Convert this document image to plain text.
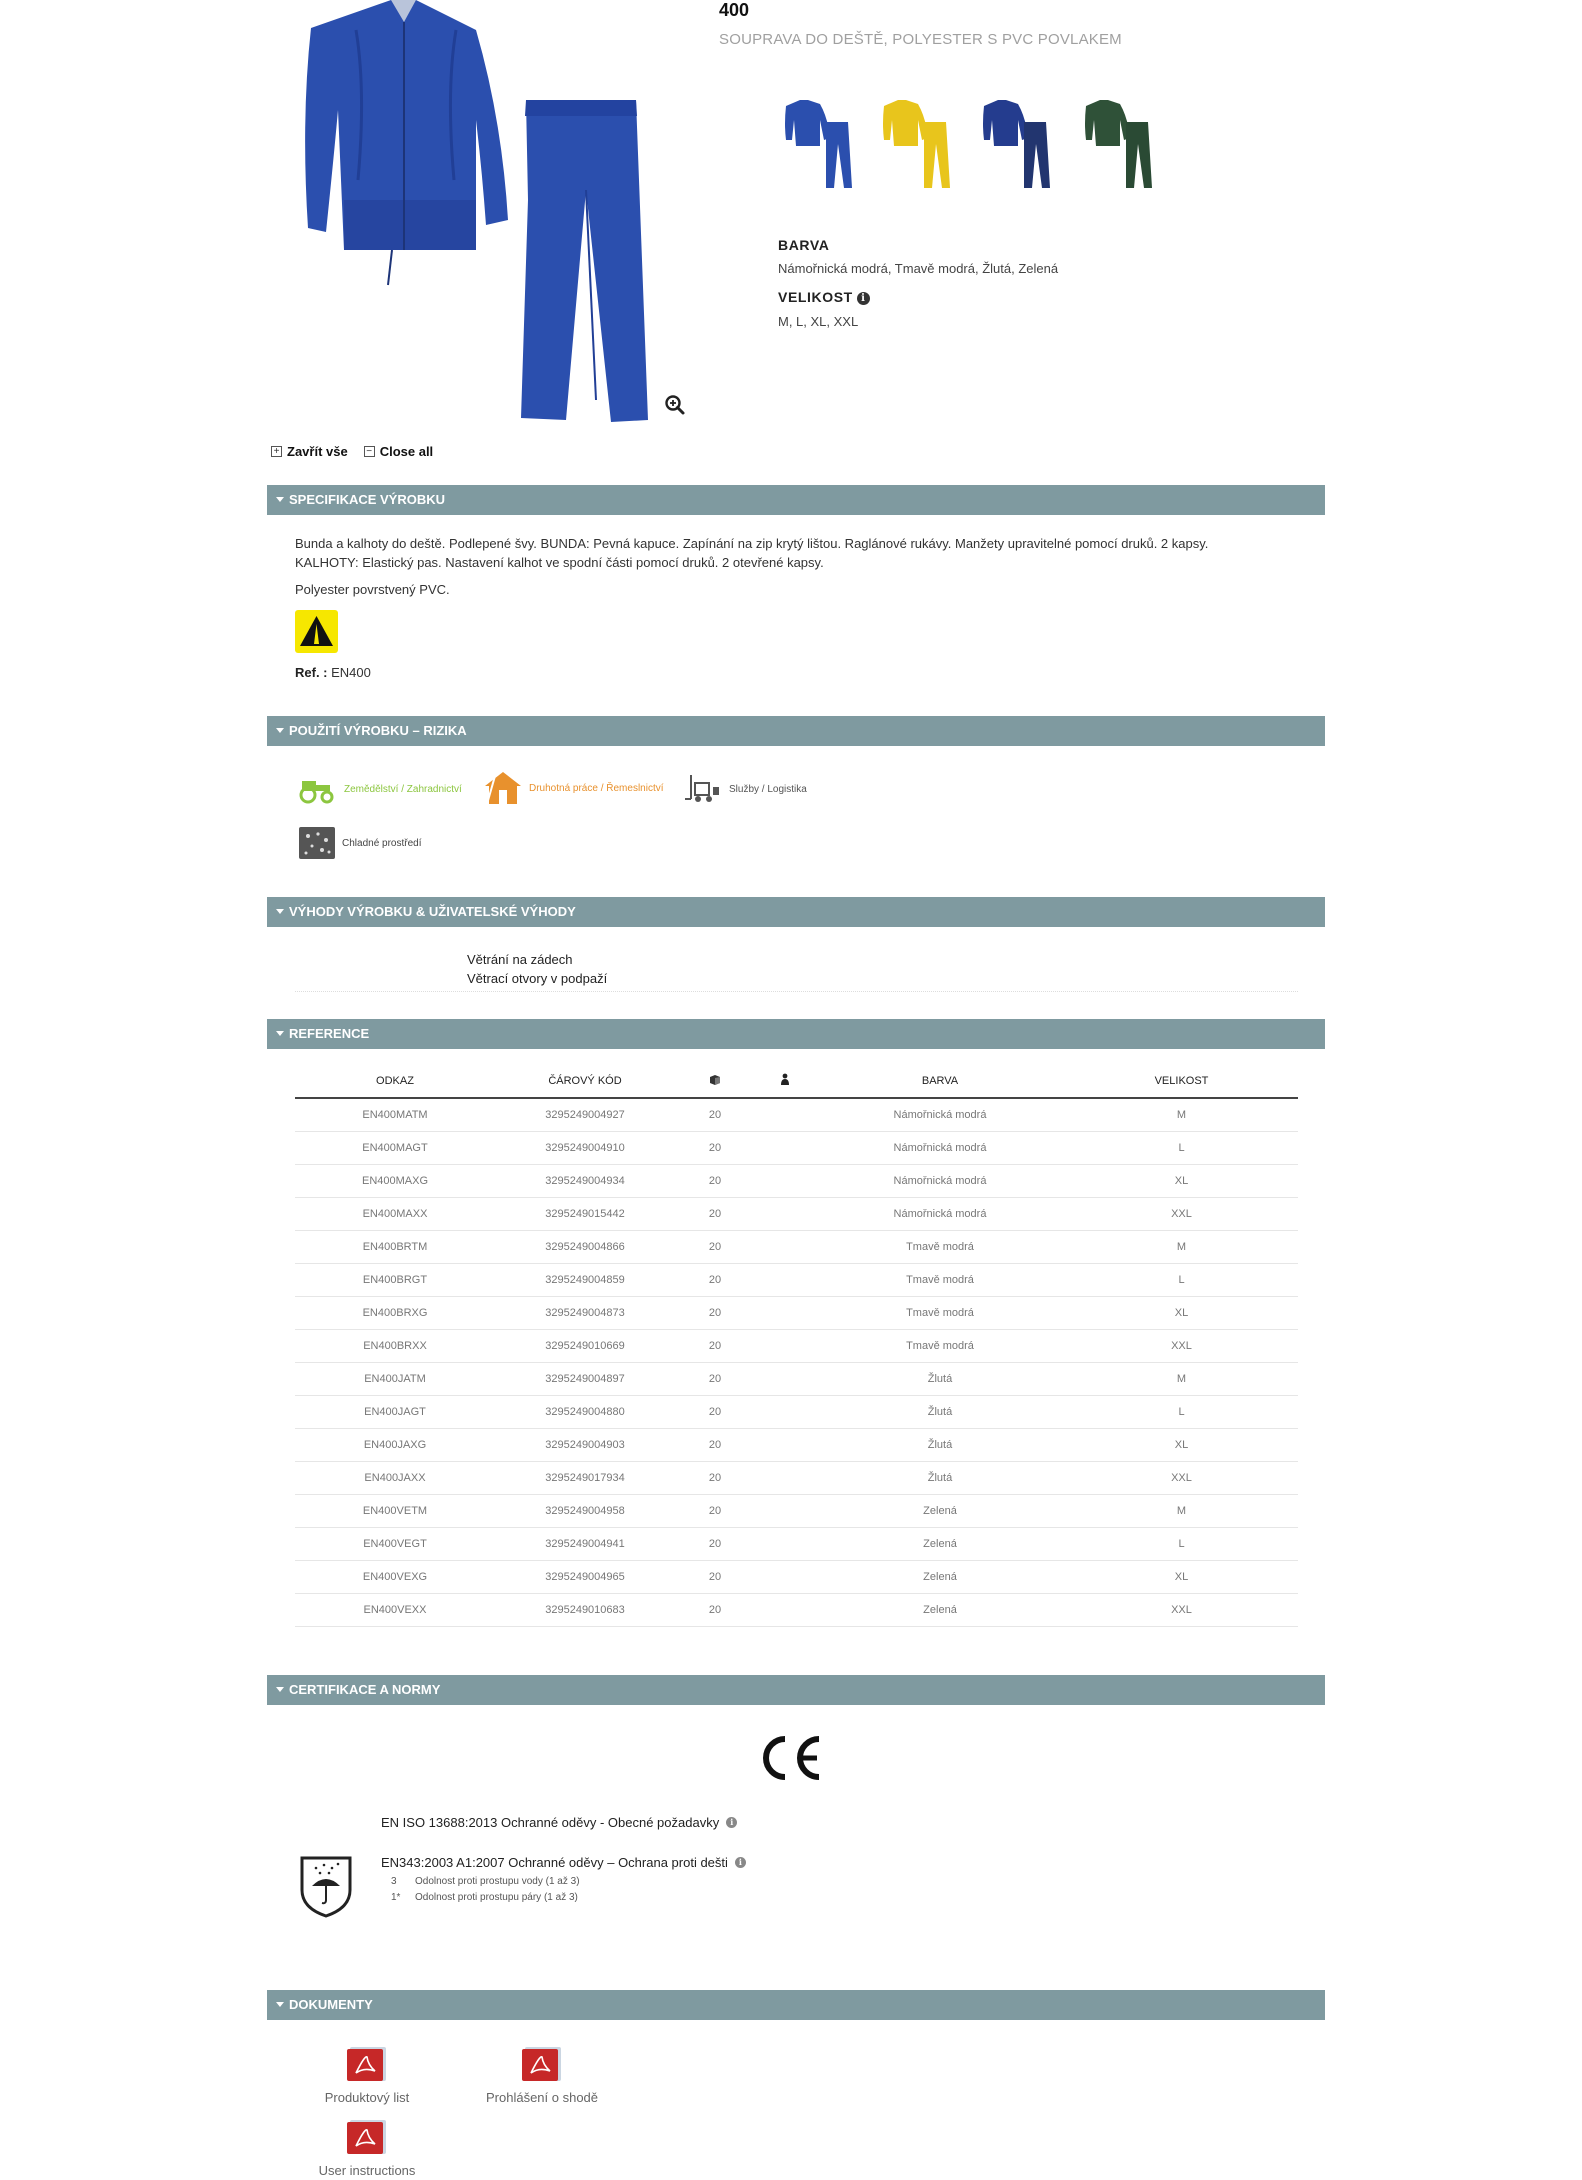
400
SOUPRAVA DO DEŠTĚ, POLYESTER S PVC POVLAKEM
BARVA
Námořnická modrá, Tmavě modrá, Žlutá, Zelená
VELIKOST i
M, L, XL, XXL
+ Zavřít vše − Close all
SPECIFIKACE VÝROBKU
Bunda a kalhoty do deště. Podlepené švy. BUNDA: Pevná kapuce. Zapínání na zip krytý lištou. Raglánové rukávy. Manžety upravitelné pomocí druků. 2 kapsy. KALHOTY: Elastický pas. Nastavení kalhot ve spodní části pomocí druků. 2 otevřené kapsy.
Polyester povrstvený PVC.
Ref. : EN400
POUŽITÍ VÝROBKU – RIZIKA
Zemědělství / Zahradnictví	Druhotná práce / Řemeslnictví	Služby / Logistika
Chladné prostředí
VÝHODY VÝROBKU & UŽIVATELSKÉ VÝHODY
Větrání na zádech
Větrací otvory v podpaží
REFERENCE
ODKAZ	ČÁROVÝ KÓD			BARVA	VELIKOST
EN400MATM	3295249004927	20		Námořnická modrá	M
EN400MAGT	3295249004910	20		Námořnická modrá	L
EN400MAXG	3295249004934	20		Námořnická modrá	XL
EN400MAXX	3295249015442	20		Námořnická modrá	XXL
EN400BRTM	3295249004866	20		Tmavě modrá	M
EN400BRGT	3295249004859	20		Tmavě modrá	L
EN400BRXG	3295249004873	20		Tmavě modrá	XL
EN400BRXX	3295249010669	20		Tmavě modrá	XXL
EN400JATM	3295249004897	20		Žlutá	M
EN400JAGT	3295249004880	20		Žlutá	L
EN400JAXG	3295249004903	20		Žlutá	XL
EN400JAXX	3295249017934	20		Žlutá	XXL
EN400VETM	3295249004958	20		Zelená	M
EN400VEGT	3295249004941	20		Zelená	L
EN400VEXG	3295249004965	20		Zelená	XL
EN400VEXX	3295249010683	20		Zelená	XXL
CERTIFIKACE A NORMY
EN ISO 13688:2013 Ochranné oděvy - Obecné požadavky	i
EN343:2003 A1:2007 Ochranné oděvy – Ochrana proti dešti	i
3 Odolnost proti prostupu vody (1 až 3)
1* Odolnost proti prostupu páry (1 až 3)
DOKUMENTY
Produktový list	Prohlášení o shodě
User instructions
